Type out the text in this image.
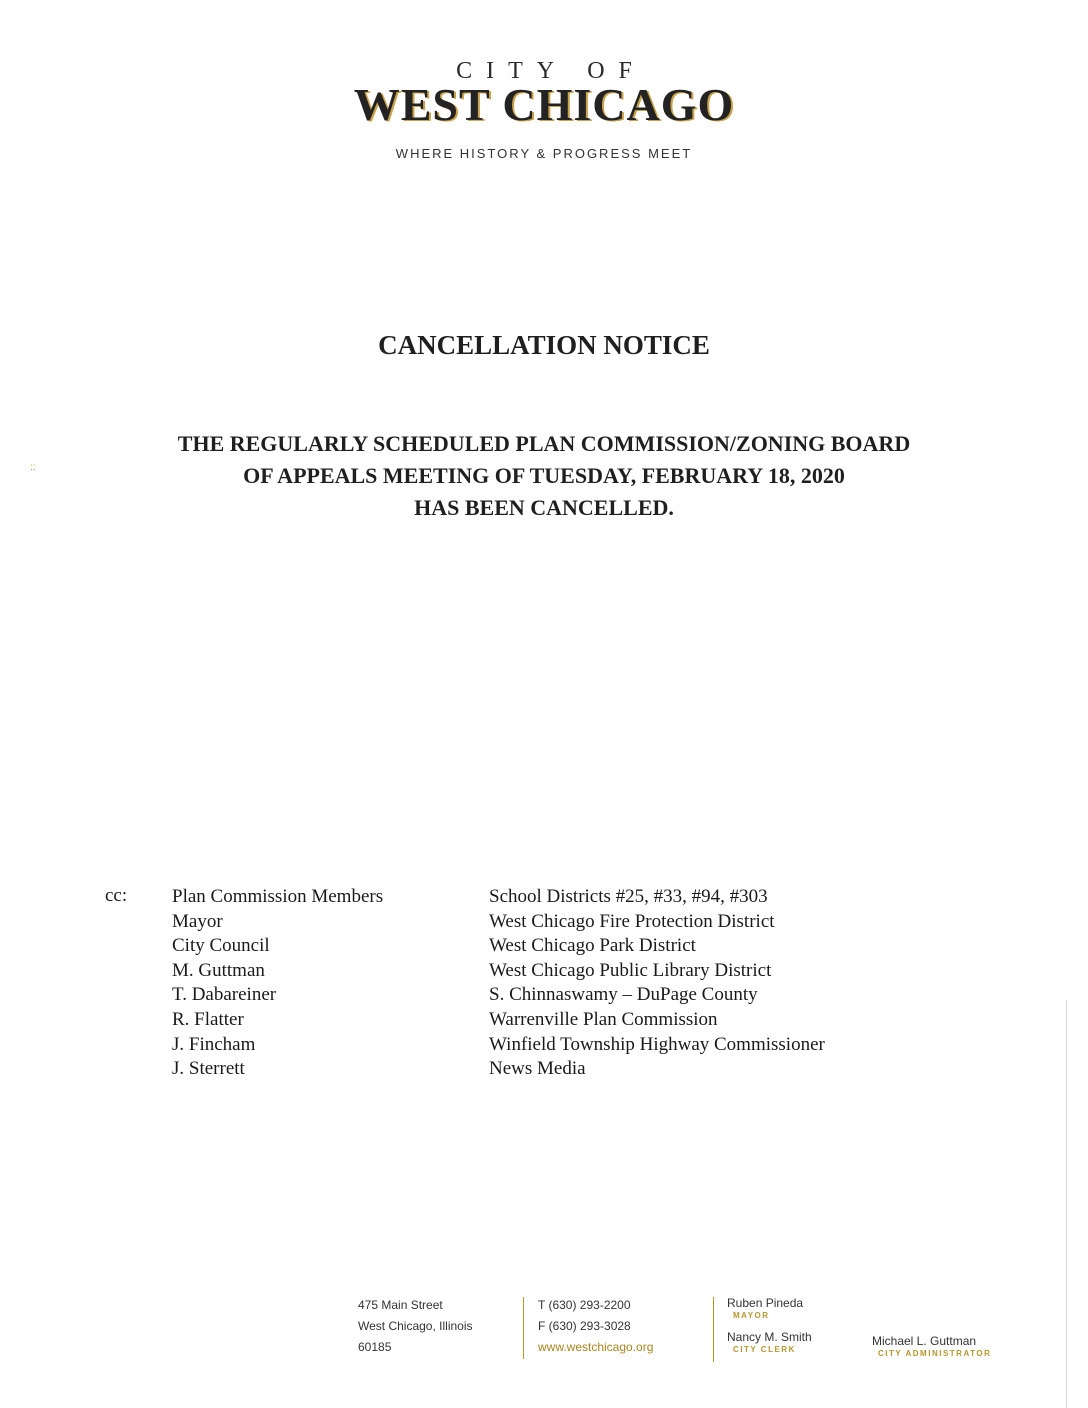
CITY OF
WEST CHICAGO
WHERE HISTORY & PROGRESS MEET
CANCELLATION NOTICE
THE REGULARLY SCHEDULED PLAN COMMISSION/ZONING BOARD
OF APPEALS MEETING OF TUESDAY, FEBRUARY 18, 2020
HAS BEEN CANCELLED.
::
cc: Plan Commission Members
Mayor
City Council
M. Guttman
T. Dabareiner
R. Flatter
J. Fincham
J. Sterrett
School Districts #25, #33, #94, #303
West Chicago Fire Protection District
West Chicago Park District
West Chicago Public Library District
S. Chinnaswamy – DuPage County
Warrenville Plan Commission
Winfield Township Highway Commissioner
News Media
475 Main Street
West Chicago, Illinois
60185
T (630) 293-2200
F (630) 293-3028
www.westchicago.org
Ruben Pineda
MAYOR
Nancy M. Smith
CITY CLERK
Michael L. Guttman
CITY ADMINISTRATOR
